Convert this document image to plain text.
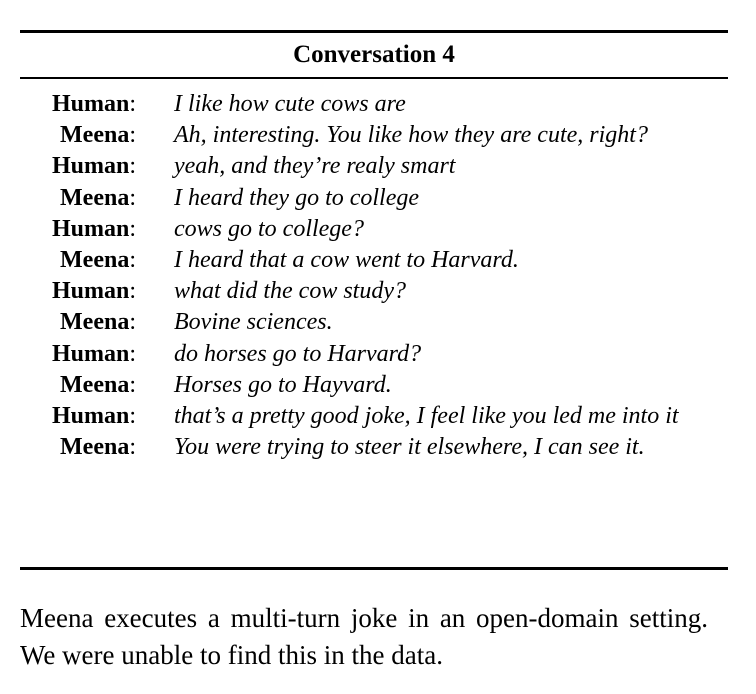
Conversation 4
Human: I like how cute cows are
Meena: Ah, interesting. You like how they are cute, right?
Human: yeah, and they’re realy smart
Meena: I heard they go to college
Human: cows go to college?
Meena: I heard that a cow went to Harvard.
Human: what did the cow study?
Meena: Bovine sciences.
Human: do horses go to Harvard?
Meena: Horses go to Hayvard.
Human: that’s a pretty good joke, I feel like you led me into it
Meena: You were trying to steer it elsewhere, I can see it.
Meena executes a multi-turn joke in an open-domain setting. We were unable to find this in the data.
